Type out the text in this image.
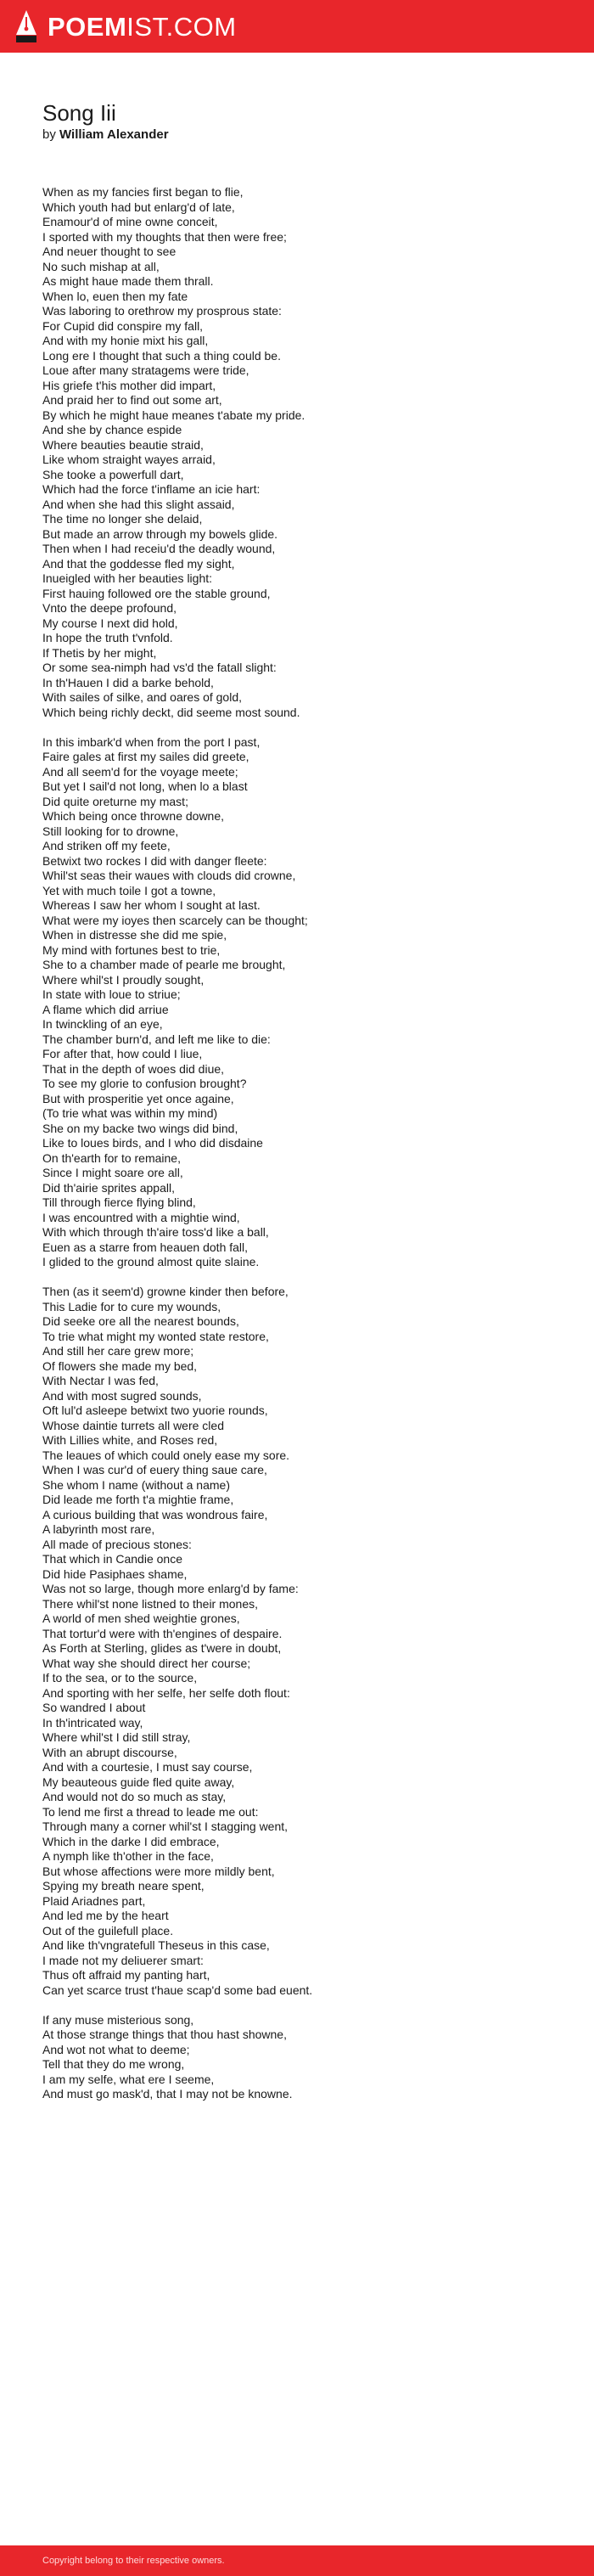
POEMIST.COM
Song Iii
by William Alexander
When as my fancies first began to flie,
Which youth had but enlarg'd of late,
Enamour'd of mine owne conceit,
I sported with my thoughts that then were free;
And neuer thought to see
No such mishap at all,
As might haue made them thrall.
When lo, euen then my fate
Was laboring to orethrow my prosprous state:
For Cupid did conspire my fall,
And with my honie mixt his gall,
Long ere I thought that such a thing could be.
Loue after many stratagems were tride,
His griefe t'his mother did impart,
And praid her to find out some art,
By which he might haue meanes t'abate my pride.
And she by chance espide
Where beauties beautie straid,
Like whom straight wayes arraid,
She tooke a powerfull dart,
Which had the force t'inflame an icie hart:
And when she had this slight assaid,
The time no longer she delaid,
But made an arrow through my bowels glide.
Then when I had receiu'd the deadly wound,
And that the goddesse fled my sight,
Inueigled with her beauties light:
First hauing followed ore the stable ground,
Vnto the deepe profound,
My course I next did hold,
In hope the truth t'vnfold.
If Thetis by her might,
Or some sea-nimph had vs'd the fatall slight:
In th'Hauen I did a barke behold,
With sailes of silke, and oares of gold,
Which being richly deckt, did seeme most sound.
In this imbark'd when from the port I past,
Faire gales at first my sailes did greete,
And all seem'd for the voyage meete;
But yet I sail'd not long, when lo a blast
Did quite oreturne my mast;
Which being once throwne downe,
Still looking for to drowne,
And striken off my feete,
Betwixt two rockes I did with danger fleete:
Whil'st seas their waues with clouds did crowne,
Yet with much toile I got a towne,
Whereas I saw her whom I sought at last.
What were my ioyes then scarcely can be thought;
When in distresse she did me spie,
My mind with fortunes best to trie,
She to a chamber made of pearle me brought,
Where whil'st I proudly sought,
In state with loue to striue;
A flame which did arriue
In twinckling of an eye,
The chamber burn'd, and left me like to die:
For after that, how could I liue,
That in the depth of woes did diue,
To see my glorie to confusion brought?
But with prosperitie yet once againe,
(To trie what was within my mind)
She on my backe two wings did bind,
Like to loues birds, and I who did disdaine
On th'earth for to remaine,
Since I might soare ore all,
Did th'airie sprites appall,
Till through fierce flying blind,
I was encountred with a mightie wind,
With which through th'aire toss'd like a ball,
Euen as a starre from heauen doth fall,
I glided to the ground almost quite slaine.
Then (as it seem'd) growne kinder then before,
This Ladie for to cure my wounds,
Did seeke ore all the nearest bounds,
To trie what might my wonted state restore,
And still her care grew more;
Of flowers she made my bed,
With Nectar I was fed,
And with most sugred sounds,
Oft lul'd asleepe betwixt two yuorie rounds,
Whose daintie turrets all were cled
With Lillies white, and Roses red,
The leaues of which could onely ease my sore.
When I was cur'd of euery thing saue care,
She whom I name (without a name)
Did leade me forth t'a mightie frame,
A curious building that was wondrous faire,
A labyrinth most rare,
All made of precious stones:
That which in Candie once
Did hide Pasiphaes shame,
Was not so large, though more enlarg'd by fame:
There whil'st none listned to their mones,
A world of men shed weightie grones,
That tortur'd were with th'engines of despaire.
As Forth at Sterling, glides as t'were in doubt,
What way she should direct her course;
If to the sea, or to the source,
And sporting with her selfe, her selfe doth flout:
So wandred I about
In th'intricated way,
Where whil'st I did still stray,
With an abrupt discourse,
And with a courtesie, I must say course,
My beauteous guide fled quite away,
And would not do so much as stay,
To lend me first a thread to leade me out:
Through many a corner whil'st I stagging went,
Which in the darke I did embrace,
A nymph like th'other in the face,
But whose affections were more mildly bent,
Spying my breath neare spent,
Plaid Ariadnes part,
And led me by the heart
Out of the guilefull place.
And like th'vngratefull Theseus in this case,
I made not my deliuerer smart:
Thus oft affraid my panting hart,
Can yet scarce trust t'haue scap'd some bad euent.
If any muse misterious song,
At those strange things that thou hast showne,
And wot not what to deeme;
Tell that they do me wrong,
I am my selfe, what ere I seeme,
And must go mask'd, that I may not be knowne.
Copyright belong to their respective owners.
